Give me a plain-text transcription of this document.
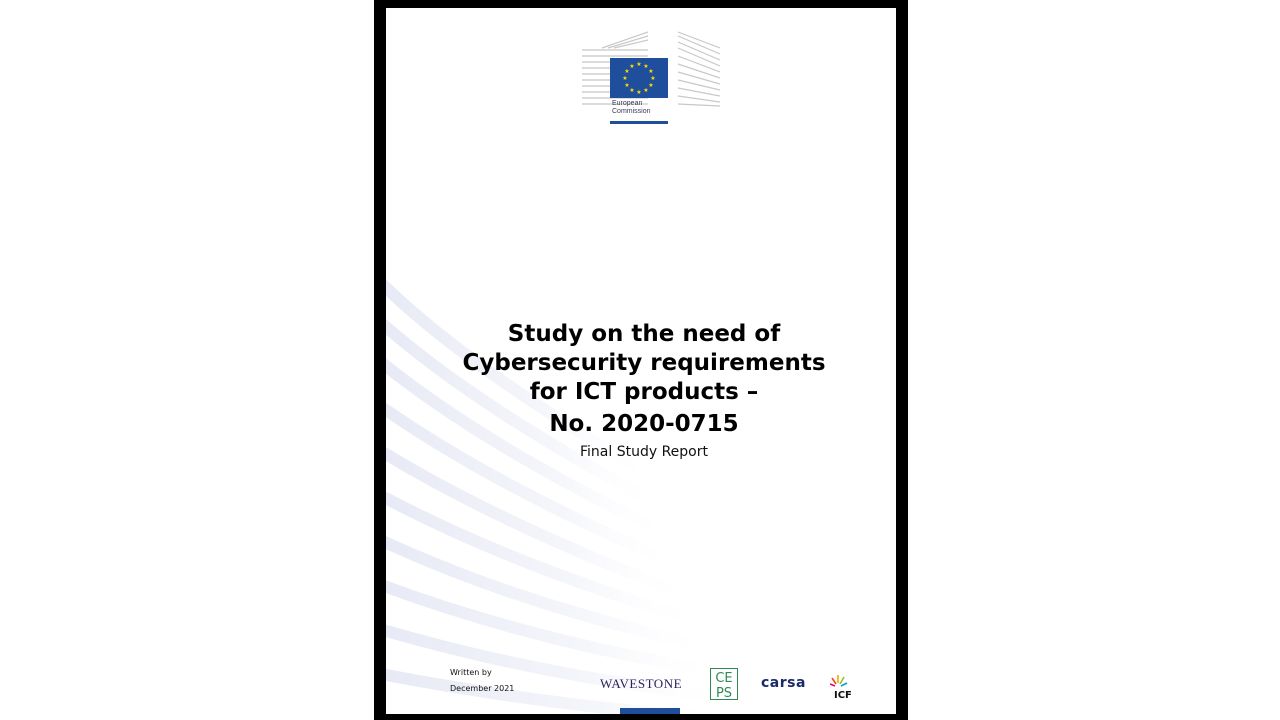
★ ★
★
★
★
★
★
★
★
★
★
★
European
Commission
Study on the need of
Cybersecurity requirements
for ICT products –
No. 2020-0715
Final Study Report
Written by
December 2021	WAVESTONE	CE
PS
carsa
ICF
